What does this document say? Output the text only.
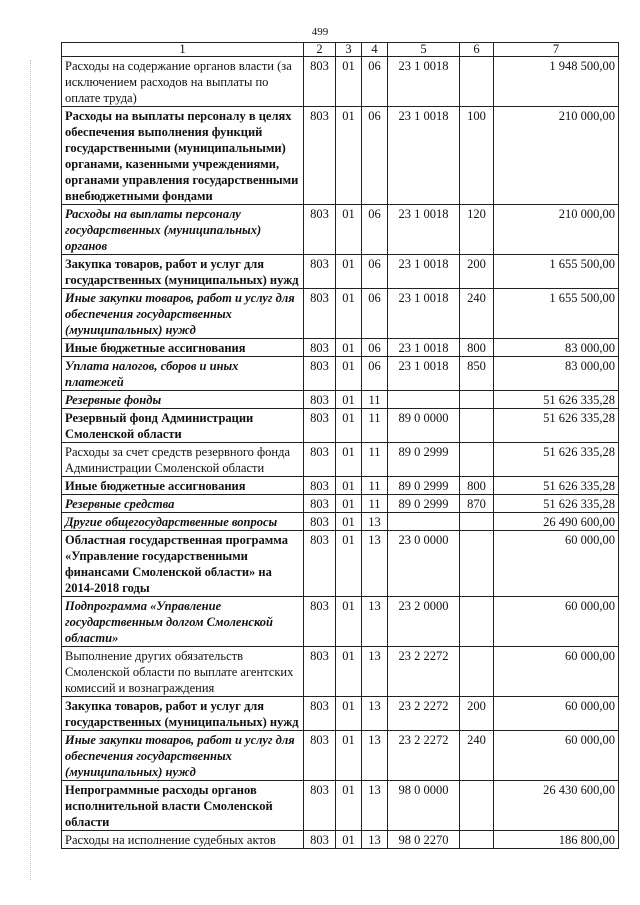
499
1	2	3	4	5	6	7
Расходы на содержание органов власти (за исключением расходов на выплаты по оплате труда)	803	01	06	23 1 0018		1 948 500,00
Расходы на выплаты персоналу в целях обеспечения выполнения функций государственными (муниципальными) органами, казенными учреждениями, органами управления государственными внебюджетными фондами	803	01	06	23 1 0018	100	210 000,00
Расходы на выплаты персоналу государственных (муниципальных) органов	803	01	06	23 1 0018	120	210 000,00
Закупка товаров, работ и услуг для государственных (муниципальных) нужд	803	01	06	23 1 0018	200	1 655 500,00
Иные закупки товаров, работ и услуг для обеспечения государственных (муниципальных) нужд	803	01	06	23 1 0018	240	1 655 500,00
Иные бюджетные ассигнования	803	01	06	23 1 0018	800	83 000,00
Уплата налогов, сборов и иных платежей	803	01	06	23 1 0018	850	83 000,00
Резервные фонды	803	01	11			51 626 335,28
Резервный фонд Администрации Смоленской области	803	01	11	89 0 0000		51 626 335,28
Расходы за счет средств резервного фонда Администрации Смоленской области	803	01	11	89 0 2999		51 626 335,28
Иные бюджетные ассигнования	803	01	11	89 0 2999	800	51 626 335,28
Резервные средства	803	01	11	89 0 2999	870	51 626 335,28
Другие общегосударственные вопросы	803	01	13			26 490 600,00
Областная государственная программа «Управление государственными финансами Смоленской области» на 2014-2018 годы	803	01	13	23 0 0000		60 000,00
Подпрограмма «Управление государственным долгом Смоленской области»	803	01	13	23 2 0000		60 000,00
Выполнение других обязательств Смоленской области по выплате агентских комиссий и вознаграждения	803	01	13	23 2 2272		60 000,00
Закупка товаров, работ и услуг для государственных (муниципальных) нужд	803	01	13	23 2 2272	200	60 000,00
Иные закупки товаров, работ и услуг для обеспечения государственных (муниципальных) нужд	803	01	13	23 2 2272	240	60 000,00
Непрограммные расходы органов исполнительной власти Смоленской области	803	01	13	98 0 0000		26 430 600,00
Расходы на исполнение судебных актов	803	01	13	98 0 2270		186 800,00
